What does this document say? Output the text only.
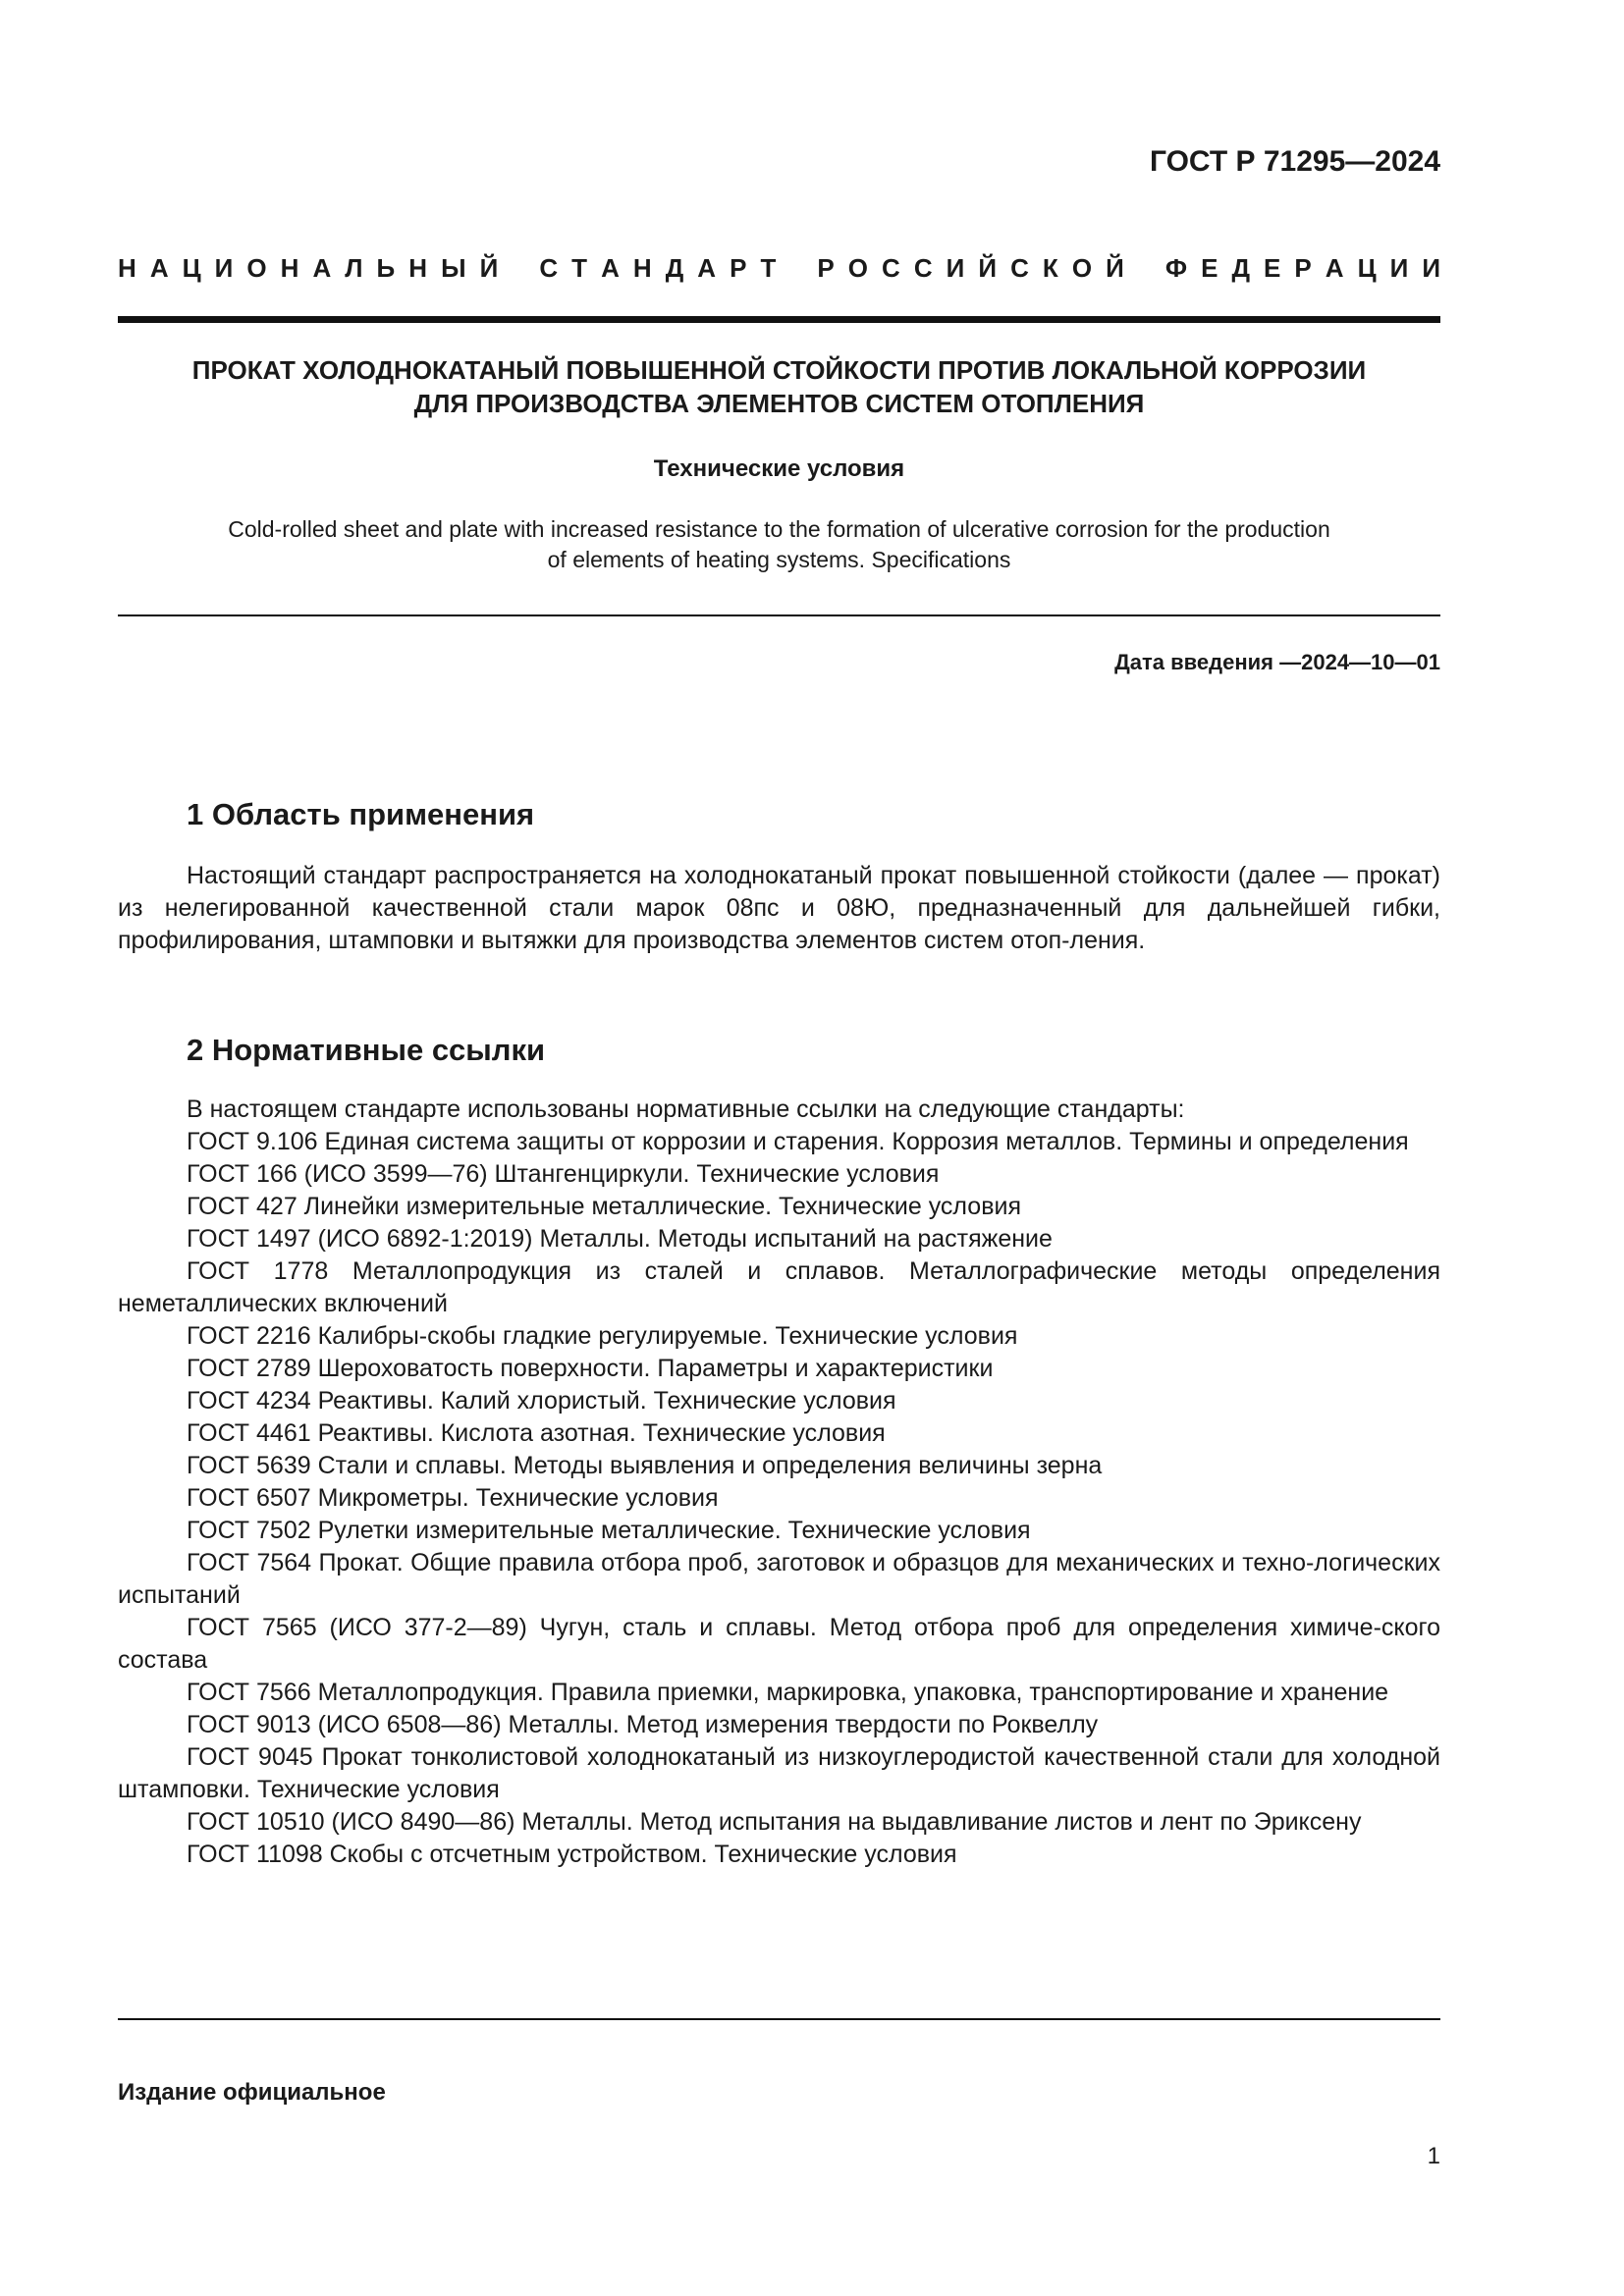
ГОСТ Р 71295—2024
Н А Ц И О Н А Л Ь Н Ы Й С Т А Н Д А Р Т Р О С С И Й С К О Й Ф Е Д Е Р А Ц И И
ПРОКАТ ХОЛОДНОКАТАНЫЙ ПОВЫШЕННОЙ СТОЙКОСТИ ПРОТИВ ЛОКАЛЬНОЙ КОРРОЗИИ
ДЛЯ ПРОИЗВОДСТВА ЭЛЕМЕНТОВ СИСТЕМ ОТОПЛЕНИЯ
Технические условия
Cold-rolled sheet and plate with increased resistance to the formation of ulcerative corrosion for the production
of elements of heating systems. Specifications
Дата введения —2024—10—01
1 Область применения

Настоящий стандарт распространяется на холоднокатаный прокат повышенной стойкости (далее — прокат) из нелегированной качественной стали марок 08пс и 08Ю, предназначенный для дальнейшей гибки, профилирования, штамповки и вытяжки для производства элементов систем отоп-ления.

2 Нормативные ссылки

В настоящем стандарте использованы нормативные ссылки на следующие стандарты:

ГОСТ 9.106 Единая система защиты от коррозии и старения. Коррозия металлов. Термины и определения

ГОСТ 166 (ИСО 3599—76) Штангенциркули. Технические условия

ГОСТ 427 Линейки измерительные металлические. Технические условия

ГОСТ 1497 (ИСО 6892-1:2019) Металлы. Методы испытаний на растяжение

ГОСТ 1778 Металлопродукция из сталей и сплавов. Металлографические методы определения неметаллических включений

ГОСТ 2216 Калибры-скобы гладкие регулируемые. Технические условия

ГОСТ 2789 Шероховатость поверхности. Параметры и характеристики

ГОСТ 4234 Реактивы. Калий хлористый. Технические условия

ГОСТ 4461 Реактивы. Кислота азотная. Технические условия

ГОСТ 5639 Стали и сплавы. Методы выявления и определения величины зерна

ГОСТ 6507 Микрометры. Технические условия

ГОСТ 7502 Рулетки измерительные металлические. Технические условия

ГОСТ 7564 Прокат. Общие правила отбора проб, заготовок и образцов для механических и техно-логических испытаний

ГОСТ 7565 (ИСО 377-2—89) Чугун, сталь и сплавы. Метод отбора проб для определения химиче-ского состава

ГОСТ 7566 Металлопродукция. Правила приемки, маркировка, упаковка, транспортирование и хранение

ГОСТ 9013 (ИСО 6508—86) Металлы. Метод измерения твердости по Роквеллу

ГОСТ 9045 Прокат тонколистовой холоднокатаный из низкоуглеродистой качественной стали для холодной штамповки. Технические условия

ГОСТ 10510 (ИСО 8490—86) Металлы. Метод испытания на выдавливание листов и лент по Эриксену

ГОСТ 11098 Скобы с отсчетным устройством. Технические условия

Издание официальное
1
